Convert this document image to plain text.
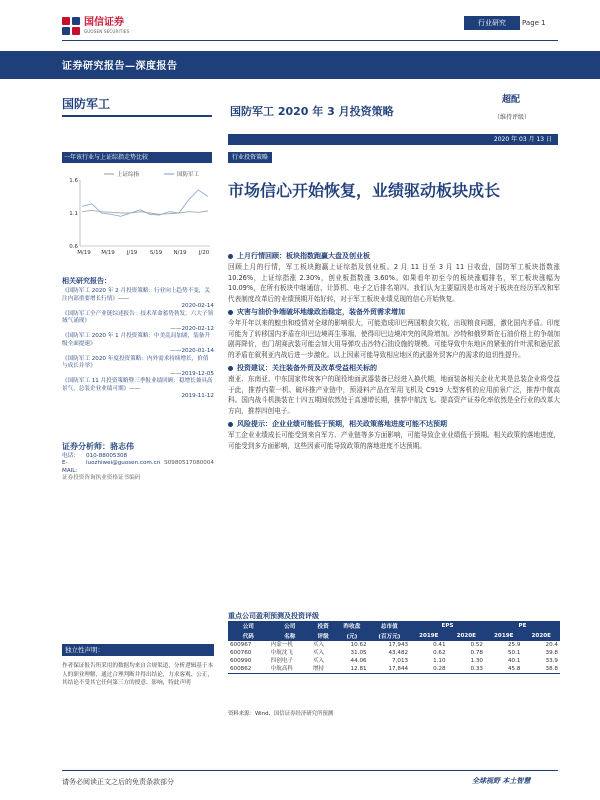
国信证券
GUOSEN SECURITIES
行业研究	Page 1
证券研究报告—深度报告
国防军工
国防军工 2020 年 3 月投资策略
超配
（维持评级）
2020 年 03 月 13 日
一年该行业与上证综指走势比较
1.6
1.1
0.6
M/19 M/19 J/19 S/19 N/19 J/20
上证综指	国防军工
相关研究报告：
《国防军工 2020 年 2 月投资策略：行业向上趋势不变，关注内部重要增长行情》——
2020-02-14
《国防军工全产业链综述报告：技术革命蓄势勃发，六大子领域气涌现》
——2020-02-12
《国防军工 2020 年 1 月投资策略：中美乱局加剧，装备升级全面提速》
——2020-01-14
《国防军工 2020 年度投资策略：内外需求持续增长，价值与成长并举》
——2019-12-05
《国防军工 11 月投资策略暨三季报业绩回顾：稳增长兼具高景气，总装企业业绩可期》——
2019-11-12
证券分析师：骆志伟
电话：	010-88005308
E-MAIL：
luozhiwei@guosen.com.cn S0980517080004
证券投资咨询执业资格证书编码
独立性声明：
作者保证报告所采用的数据均来自合规渠道，分析逻辑基于本人的职业理解，通过合理判断并得出结论，力求客观、公正，其结论不受其它任何第三方的授意、影响，特此声明
行业投资策略
市场信心开始恢复，业绩驱动板块成长
上月行情回顾：板块指数跑赢大盘及创业板
回顾上月的行情，军工板块跑赢上证综指及创业板。2 月 11 日至 3 月 11 日收盘，国防军工板块指数涨 10.26%，上证综指涨 2.30%，创业板指数涨 3.60%。如果看年初至今的板块涨幅排名，军工板块涨幅为 10.09%，在所有板块中继通信、计算机、电子之后排名第四。我们认为主要原因是市场对于板块在经历军改和军代表制度改革后的业绩预期开始好转，对于军工板块业绩兑现的信心开始恢复。
灾害与油价争端破坏地缘政治稳定，装备外贸需求增加
今年开年以来的蝗虫和疫情对全球的影响很大，可能造成印巴两国粮食欠收，出现粮食问题，激化国内矛盾。印度可能为了转移国内矛盾在印巴边境再生事端，使得印巴边境冲突的风险增加。沙特和俄罗斯在石油价格上的争端加剧再降价，也门胡赛武装可能会加大用导弹攻击沙特石油设施的规模。可能导致中东地区的紧张的什叶派和逊尼派的矛盾在叙利亚内战后进一步激化。以上因素可能导致相应地区的武器外贸客户的需求的迫切性提升。
投资建议：关注装备外贸及改革受益相关标的
南亚、东南亚、中东国家传统客户的现役地面武器装备已经进入换代期，地面装备相关企业尤其是总装企业将受益于此，推荐内蒙一机、破坏推产业链中，预浸料产品在军用飞机及 C919 大型客机的应用前景广泛，推荐中航高科。国内战斗机换装在十四五期间依然处于高速增长期，推荐中航沈飞。提高资产证券化率依然是全行业的改革大方向，推荐四创电子。
风险提示：企业业绩可能低于预期，相关政策落地进度可能不达预期
军工企业业绩成长可能受到来自军方、产业链等多方面影响，可能导致企业业绩低于预期。相关政策的落地进度，可能受到多方面影响，这些因素可能导致政策的落地进度不达预期。
重点公司盈利预测及投资评级
公司	公司	投资	昨收盘	总市值	EPS		PE	
代码	名称	评级	(元)	(百万元)	2019E	2020E	2019E	2020E
600967	内蒙一机	买入	10.62	17,943	0.41	0.52	25.9	20.4
600760	中航沈飞	买入	31.05	43,482	0.62	0.78	50.1	39.8
600990	四创电子	买入	44.06	7,013	1.10	1.30	40.1	33.9
600862	中航高科	增持	12.81	17,844	0.28	0.33	45.8	38.8
资料来源：Wind、国信证券经济研究所预测
请务必阅读正文之后的免责条款部分	全球视野 本土智慧
